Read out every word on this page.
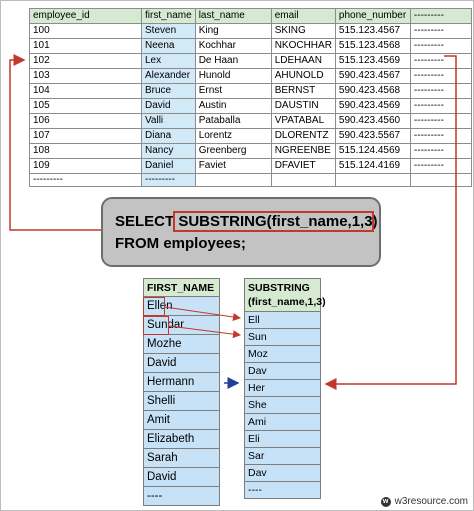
employee_id	first_name	last_name	email	phone_number	---------
100	Steven	King	SKING	515.123.4567	---------
101	Neena	Kochhar	NKOCHHAR	515.123.4568	---------
102	Lex	De Haan	LDEHAAN	515.123.4569	---------
103	Alexander	Hunold	AHUNOLD	590.423.4567	---------
104	Bruce	Ernst	BERNST	590.423.4568	---------
105	David	Austin	DAUSTIN	590.423.4569	---------
106	Valli	Pataballa	VPATABAL	590.423.4560	---------
107	Diana	Lorentz	DLORENTZ	590.423.5567	---------
108	Nancy	Greenberg	NGREENBE	515.124.4569	---------
109	Daniel	Faviet	DFAVIET	515.124.4169	---------
---------	---------				
SELECT SUBSTRING(first_name,1,3)
FROM employees;
FIRST_NAME
Ellen
Sundar
Mozhe
David
Hermann
Shelli
Amit
Elizabeth
Sarah
David
----
SUBSTRING
(first_name,1,3)
Ell
Sun
Moz
Dav
Her
She
Ami
Eli
Sar
Dav
----
w w3resource.com
